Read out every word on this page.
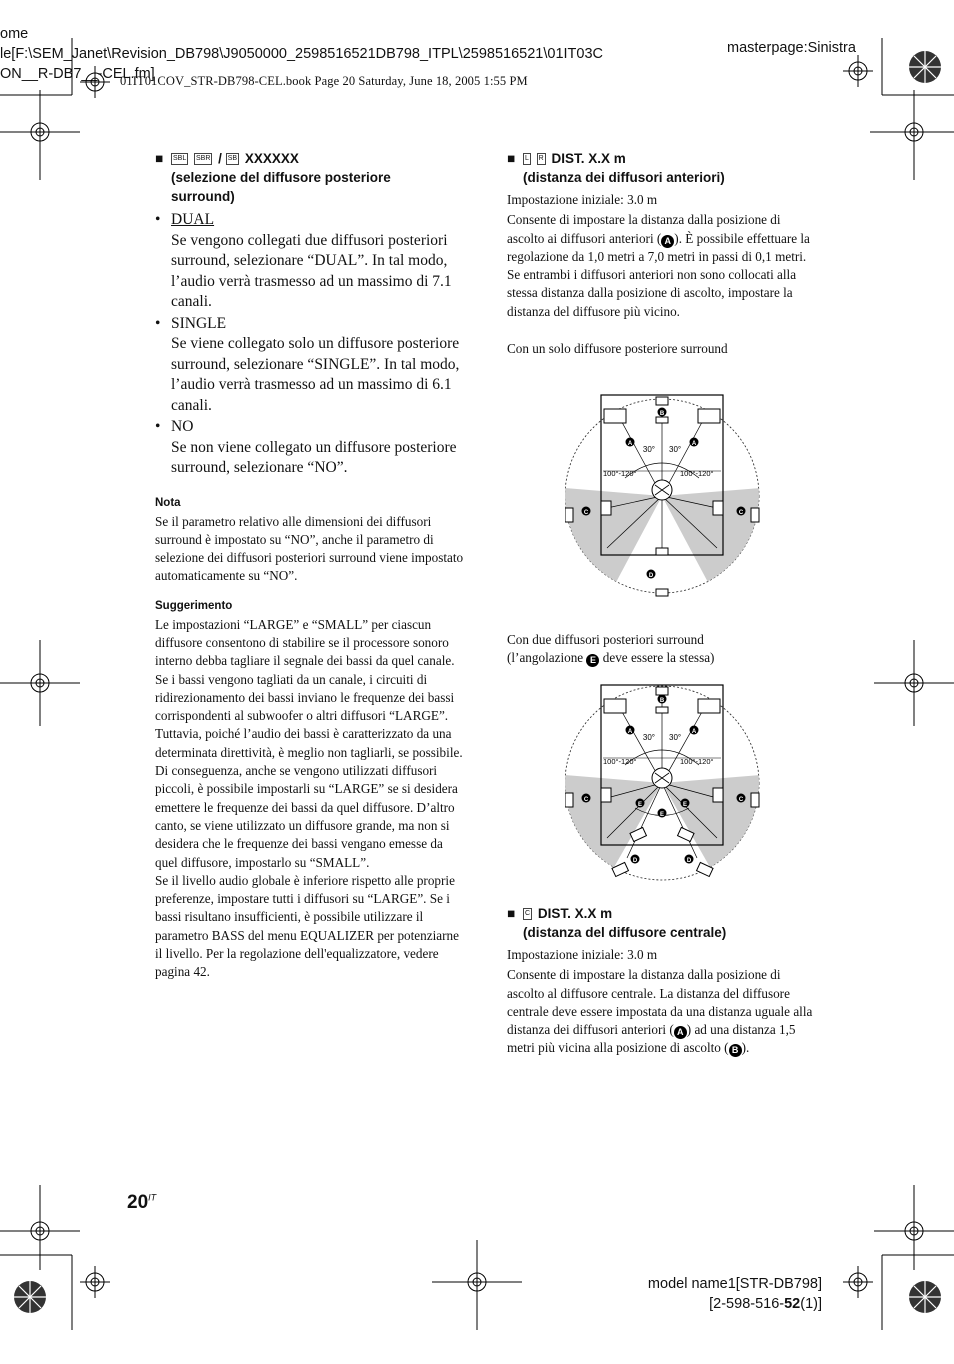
ome
le[F:\SEM_Janet\Revision_DB798\J9050000_2598516521DB798_ITPL\2598516521\01IT03C
ON__R-DB7__-CEL.fm]
masterpage:Sinistra
01IT01COV_STR-DB798-CEL.book Page 20 Saturday, June 18, 2005 1:55 PM
■	SBL SBR / SB XXXXXX
(selezione del diffusore posteriore
surround)
• DUAL
Se vengono collegati due diffusori posteriori surround, selezionare “DUAL”. In tal modo, l’audio verrà trasmesso ad un massimo di 7.1 canali.
• SINGLE
Se viene collegato solo un diffusore posteriore surround, selezionare “SINGLE”. In tal modo, l’audio verrà trasmesso ad un massimo di 6.1 canali.
• NO
Se non viene collegato un diffusore posteriore surround, selezionare “NO”.
Nota
Se il parametro relativo alle dimensioni dei diffusori surround è impostato su “NO”, anche il parametro di selezione dei diffusori posteriori surround viene impostato automaticamente su “NO”.
Suggerimento
Le impostazioni “LARGE” e “SMALL” per ciascun diffusore consentono di stabilire se il processore sonoro interno debba tagliare il segnale dei bassi da quel canale. Se i bassi vengono tagliati da un canale, i circuiti di ridirezionamento dei bassi inviano le frequenze dei bassi corrispondenti al subwoofer o altri diffusori “LARGE”.
Tuttavia, poiché l’audio dei bassi è caratterizzato da una determinata direttività, è meglio non tagliarli, se possibile. Di conseguenza, anche se vengono utilizzati diffusori piccoli, è possibile impostarli su “LARGE” se si desidera emettere le frequenze dei bassi da quel diffusore. D’altro canto, se viene utilizzato un diffusore grande, ma non si desidera che le frequenze dei bassi vengano emesse da quel diffusore, impostarlo su “SMALL”.
Se il livello audio globale è inferiore rispetto alle proprie preferenze, impostare tutti i diffusori su “LARGE”. Se i bassi risultano insufficienti, è possibile utilizzare il parametro BASS del menu EQUALIZER per potenziarne il livello. Per la regolazione dell'equalizzatore, vedere pagina 42.
■	L R DIST. X.X m
(distanza dei diffusori anteriori)
Impostazione iniziale: 3.0 m
Consente di impostare la distanza dalla posizione di ascolto ai diffusori anteriori ( A ). È possibile effettuare la regolazione da 1,0 metri a 7,0 metri in passi di 0,1 metri.
Se entrambi i diffusori anteriori non sono collocati alla stessa distanza dalla posizione di ascolto, impostare la distanza del diffusore più vicino.
Con un solo diffusore posteriore surround
B
A	A
C	C
D
30° 30°
100°-120°	100°-120°
Con due diffusori posteriori surround
(l’angolazione E deve essere la stessa)
B
A	A
C	C
E	E
E
D	D
30° 30°
100°-120°	100°-120°
■	C DIST. X.X m
(distanza del diffusore centrale)
Impostazione iniziale: 3.0 m
Consente di impostare la distanza dalla posizione di ascolto al diffusore centrale. La distanza del diffusore centrale deve essere impostata da una distanza uguale alla distanza dei diffusori anteriori ( A ) ad una distanza 1,5 metri più vicina alla posizione di ascolto ( B ).
$20^{IT}$
model name1[STR-DB798]
[2-598-516-52(1)]
